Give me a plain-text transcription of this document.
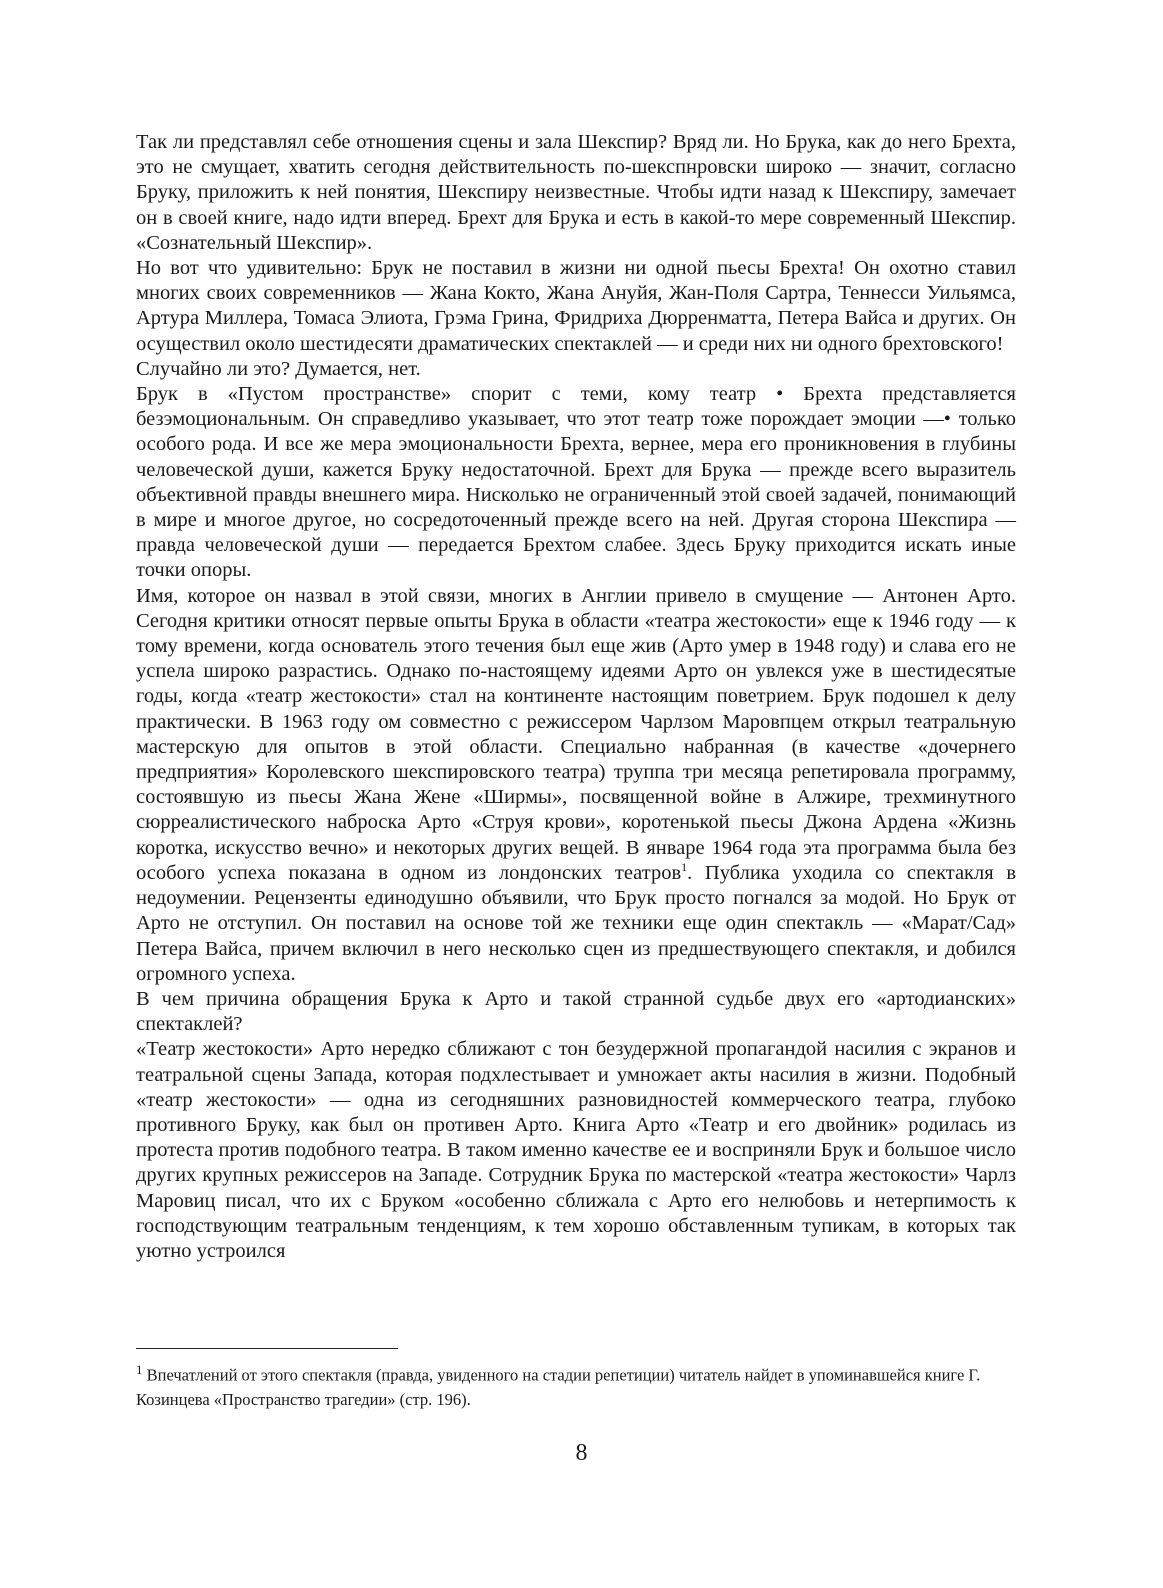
Так ли представлял себе отношения сцены и зала Шекспир? Вряд ли. Но Брука, как до него Брехта, это не смущает, хватить сегодня действительность по-шекспнровски широко — значит, согласно Бруку, приложить к ней понятия, Шекспиру неизвестные. Чтобы идти назад к Шекспиру, замечает он в своей книге, надо идти вперед. Брехт для Брука и есть в какой-то мере современный Шекспир. «Сознательный Шекспир».

Но вот что удивительно: Брук не поставил в жизни ни одной пьесы Брехта! Он охотно ставил многих своих современников — Жана Кокто, Жана Ануйя, Жан-Поля Сартра, Теннесси Уильямса, Артура Миллера, Томаса Элиота, Грэма Грина, Фридриха Дюрренматта, Петера Вайса и других. Он осуществил около шестидесяти драматических спектаклей — и среди них ни одного брехтовского!

Случайно ли это? Думается, нет.

Брук в «Пустом пространстве» спорит с теми, кому театр • Брехта представляется безэмоциональным. Он справедливо указывает, что этот театр тоже порождает эмоции —• только особого рода. И все же мера эмоциональности Брехта, вернее, мера его проникновения в глубины человеческой души, кажется Бруку недостаточной. Брехт для Брука — прежде всего выразитель объективной правды внешнего мира. Нисколько не ограниченный этой своей задачей, понимающий в мире и многое другое, но сосредоточенный прежде всего на ней. Другая сторона Шекспира — правда человеческой души — передается Брехтом слабее. Здесь Бруку приходится искать иные точки опоры.

Имя, которое он назвал в этой связи, многих в Англии привело в смущение — Антонен Арто. Сегодня критики относят первые опыты Брука в области «театра жестокости» еще к 1946 году — к тому времени, когда основатель этого течения был еще жив (Арто умер в 1948 году) и слава его не успела широко разрастись. Однако по-настоящему идеями Арто он увлекся уже в шестидесятые годы, когда «театр жестокости» стал на континенте настоящим поветрием. Брук подошел к делу практически. В 1963 году ом совместно с режиссером Чарлзом Маровпцем открыл театральную мастерскую для опытов в этой области. Специально набранная (в качестве «дочернего предприятия» Королевского шекспировского театра) труппа три месяца репетировала программу, состоявшую из пьесы Жана Жене «Ширмы», посвященной войне в Алжире, трехминутного сюрреалистического наброска Арто «Струя крови», коротенькой пьесы Джона Ардена «Жизнь коротка, искусство вечно» и некоторых других вещей. В январе 1964 года эта программа была без особого успеха показана в одном из лондонских театров$^1$. Публика уходила со спектакля в недоумении. Рецензенты единодушно объявили, что Брук просто погнался за модой. Но Брук от Арто не отступил. Он поставил на основе той же техники еще один спектакль — «Марат/Сад» Петера Вайса, причем включил в него несколько сцен из предшествующего спектакля, и добился огромного успеха.

В чем причина обращения Брука к Арто и такой странной судьбе двух его «артодианских» спектаклей?

«Театр жестокости» Арто нередко сближают с тон безудержной пропагандой насилия с экранов и театральной сцены Запада, которая подхлестывает и умножает акты насилия в жизни. Подобный «театр жестокости» — одна из сегодняшних разновидностей коммерческого театра, глубоко противного Бруку, как был он противен Арто. Книга Арто «Театр и его двойник» родилась из протеста против подобного театра. В таком именно качестве ее и восприняли Брук и большое число других крупных режиссеров на Западе. Сотрудник Брука по мастерской «театра жестокости» Чарлз Маровиц писал, что их с Бруком «особенно сближала с Арто его нелюбовь и нетерпимость к господствующим театральным тенденциям, к тем хорошо обставленным тупикам, в которых так уютно устроился

$^1$ Впечатлений от этого спектакля (правда, увиденного на стадии репетиции) читатель найдет в упоминавшейся книге Г. Козинцева «Пространство трагедии» (стр. 196).
8
